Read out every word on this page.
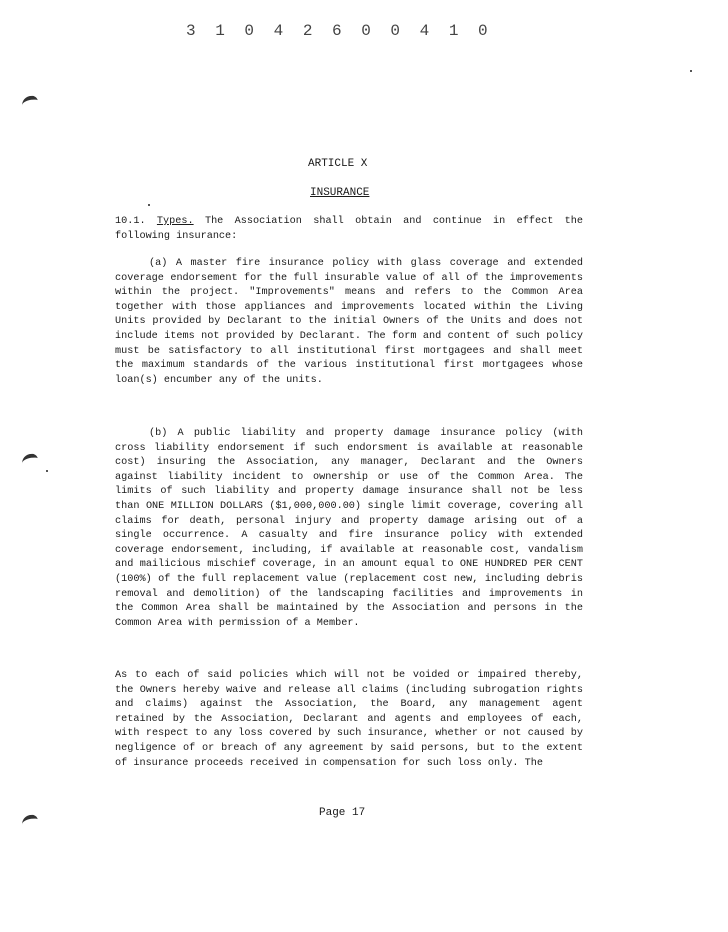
3 1 0 4 2 6 0 0 4 1 0
ARTICLE X
INSURANCE

10.1. Types. The Association shall obtain and continue in effect the following insurance:

(a) A master fire insurance policy with glass coverage and extended coverage endorsement for the full insurable value of all of the improvements within the project. "Improvements" means and refers to the Common Area together with those appliances and improvements located within the Living Units provided by Declarant to the initial Owners of the Units and does not include items not provided by Declarant. The form and content of such policy must be satisfactory to all institutional first mortgagees and shall meet the maximum standards of the various institutional first mortgagees whose loan(s) encumber any of the units.

(b) A public liability and property damage insurance policy (with cross liability endorsement if such endorsment is available at reasonable cost) insuring the Association, any manager, Declarant and the Owners against liability incident to ownership or use of the Common Area. The limits of such liability and property damage insurance shall not be less than ONE MILLION DOLLARS ($1,000,000.00) single limit coverage, covering all claims for death, personal injury and property damage arising out of a single occurrence. A casualty and fire insurance policy with extended coverage endorsement, including, if available at reasonable cost, vandalism and mailicious mischief coverage, in an amount equal to ONE HUNDRED PER CENT (100%) of the full replacement value (replacement cost new, including debris removal and demolition) of the landscaping facilities and improvements in the Common Area shall be maintained by the Association and persons in the Common Area with permission of a Member.

As to each of said policies which will not be voided or impaired thereby, the Owners hereby waive and release all claims (including subrogation rights and claims) against the Association, the Board, any management agent retained by the Association, Declarant and agents and employees of each, with respect to any loss covered by such insurance, whether or not caused by negligence of or breach of any agreement by said persons, but to the extent of insurance proceeds received in compensation for such loss only. The

Page 17
